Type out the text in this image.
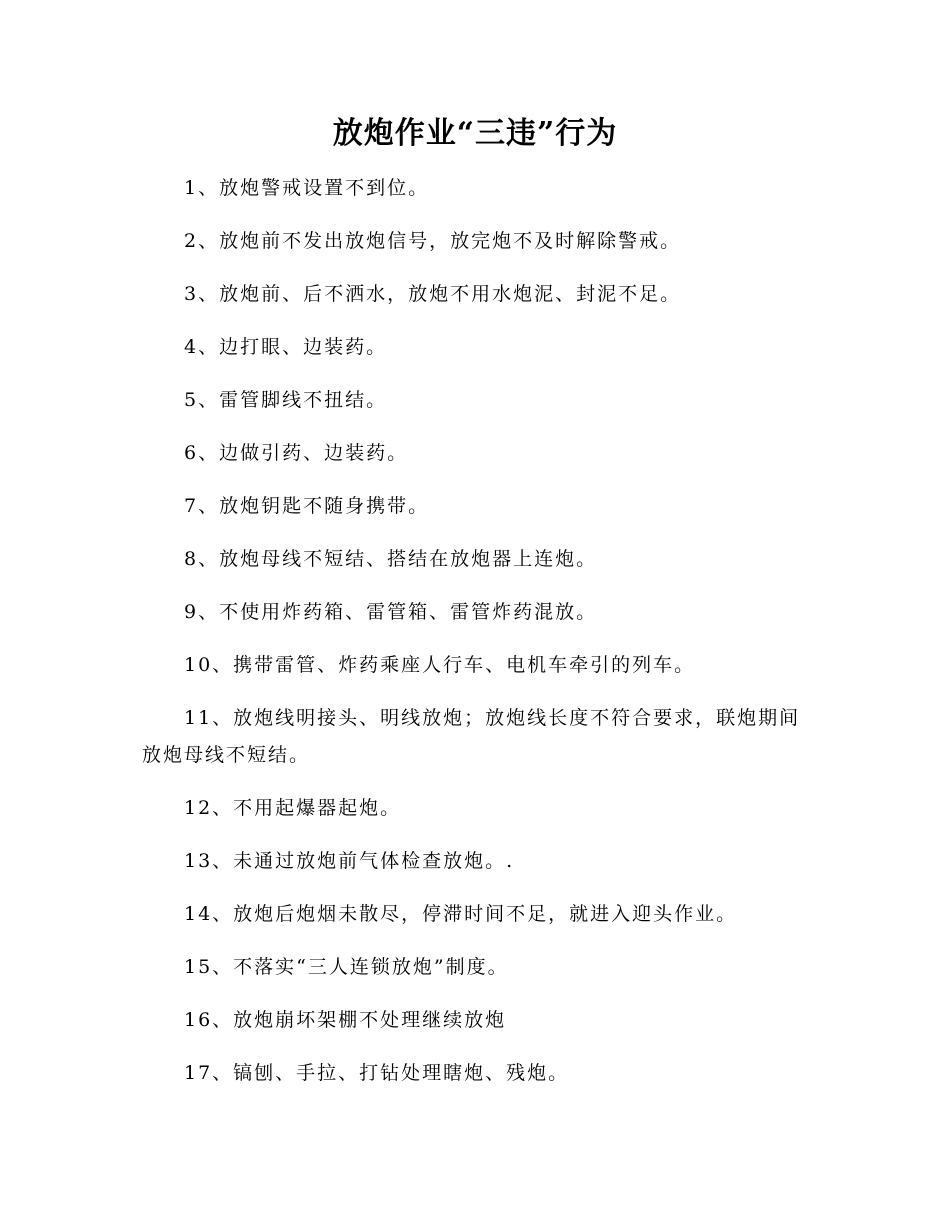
放炮作业“三违”行为
1、放炮警戒设置不到位。
2、放炮前不发出放炮信号，放完炮不及时解除警戒。
3、放炮前、后不洒水，放炮不用水炮泥、封泥不足。
4、边打眼、边装药。
5、雷管脚线不扭结。
6、边做引药、边装药。
7、放炮钥匙不随身携带。
8、放炮母线不短结、搭结在放炮器上连炮。
9、不使用炸药箱、雷管箱、雷管炸药混放。
10、携带雷管、炸药乘座人行车、电机车牵引的列车。
11、放炮线明接头、明线放炮；放炮线长度不符合要求，联炮期间放炮母线不短结。
12、不用起爆器起炮。
13、未通过放炮前气体检查放炮。.
14、放炮后炮烟未散尽，停滞时间不足，就进入迎头作业。
15、不落实“三人连锁放炮”制度。
16、放炮崩坏架棚不处理继续放炮
17、镐刨、手拉、打钻处理瞎炮、残炮。
